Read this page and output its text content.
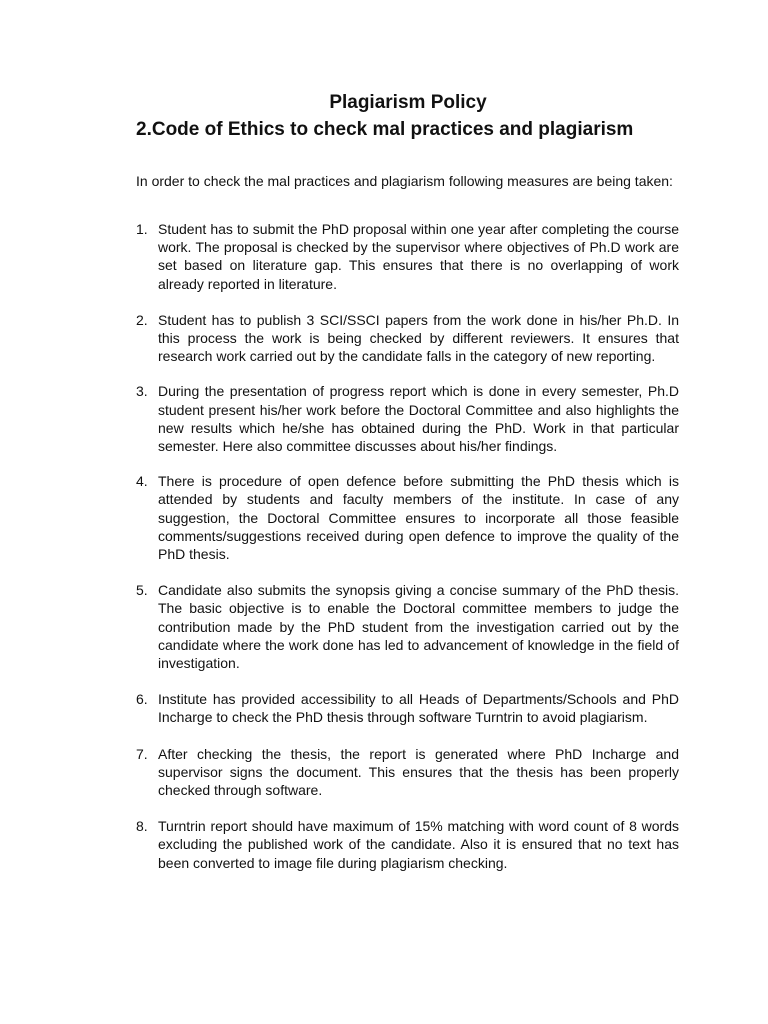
Plagiarism Policy
2.Code of Ethics to check mal practices and plagiarism

In order to check the mal practices and plagiarism following measures are being taken:

1. Student has to submit the PhD proposal within one year after completing the course work. The proposal is checked by the supervisor where objectives of Ph.D work are set based on literature gap. This ensures that there is no overlapping of work already reported in literature.
2. Student has to publish 3 SCI/SSCI papers from the work done in his/her Ph.D. In this process the work is being checked by different reviewers. It ensures that research work carried out by the candidate falls in the category of new reporting.
3. During the presentation of progress report which is done in every semester, Ph.D student present his/her work before the Doctoral Committee and also highlights the new results which he/she has obtained during the PhD. Work in that particular semester. Here also committee discusses about his/her findings.
4. There is procedure of open defence before submitting the PhD thesis which is attended by students and faculty members of the institute. In case of any suggestion, the Doctoral Committee ensures to incorporate all those feasible comments/suggestions received during open defence to improve the quality of the PhD thesis.
5. Candidate also submits the synopsis giving a concise summary of the PhD thesis. The basic objective is to enable the Doctoral committee members to judge the contribution made by the PhD student from the investigation carried out by the candidate where the work done has led to advancement of knowledge in the field of investigation.
6. Institute has provided accessibility to all Heads of Departments/Schools and PhD Incharge to check the PhD thesis through software Turntrin to avoid plagiarism.
7. After checking the thesis, the report is generated where PhD Incharge and supervisor signs the document. This ensures that the thesis has been properly checked through software.
8. Turntrin report should have maximum of 15% matching with word count of 8 words excluding the published work of the candidate. Also it is ensured that no text has been converted to image file during plagiarism checking.
